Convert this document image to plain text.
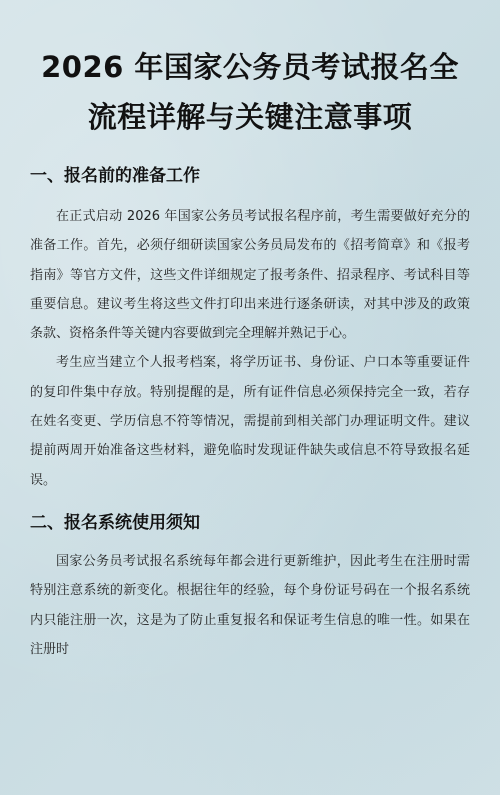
2026 年国家公务员考试报名全
流程详解与关键注意事项
一、报名前的准备工作

在正式启动 2026 年国家公务员考试报名程序前，考生需要做好充分的准备工作。首先，必须仔细研读国家公务员局发布的《招考简章》和《报考指南》等官方文件，这些文件详细规定了报考条件、招录程序、考试科目等重要信息。建议考生将这些文件打印出来进行逐条研读，对其中涉及的政策条款、资格条件等关键内容要做到完全理解并熟记于心。

考生应当建立个人报考档案，将学历证书、身份证、户口本等重要证件的复印件集中存放。特别提醒的是，所有证件信息必须保持完全一致，若存在姓名变更、学历信息不符等情况，需提前到相关部门办理证明文件。建议提前两周开始准备这些材料，避免临时发现证件缺失或信息不符导致报名延误。

二、报名系统使用须知

国家公务员考试报名系统每年都会进行更新维护，因此考生在注册时需特别注意系统的新变化。根据往年的经验，每个身份证号码在一个报名系统内只能注册一次，这是为了防止重复报名和保证考生信息的唯一性。如果在注册时
